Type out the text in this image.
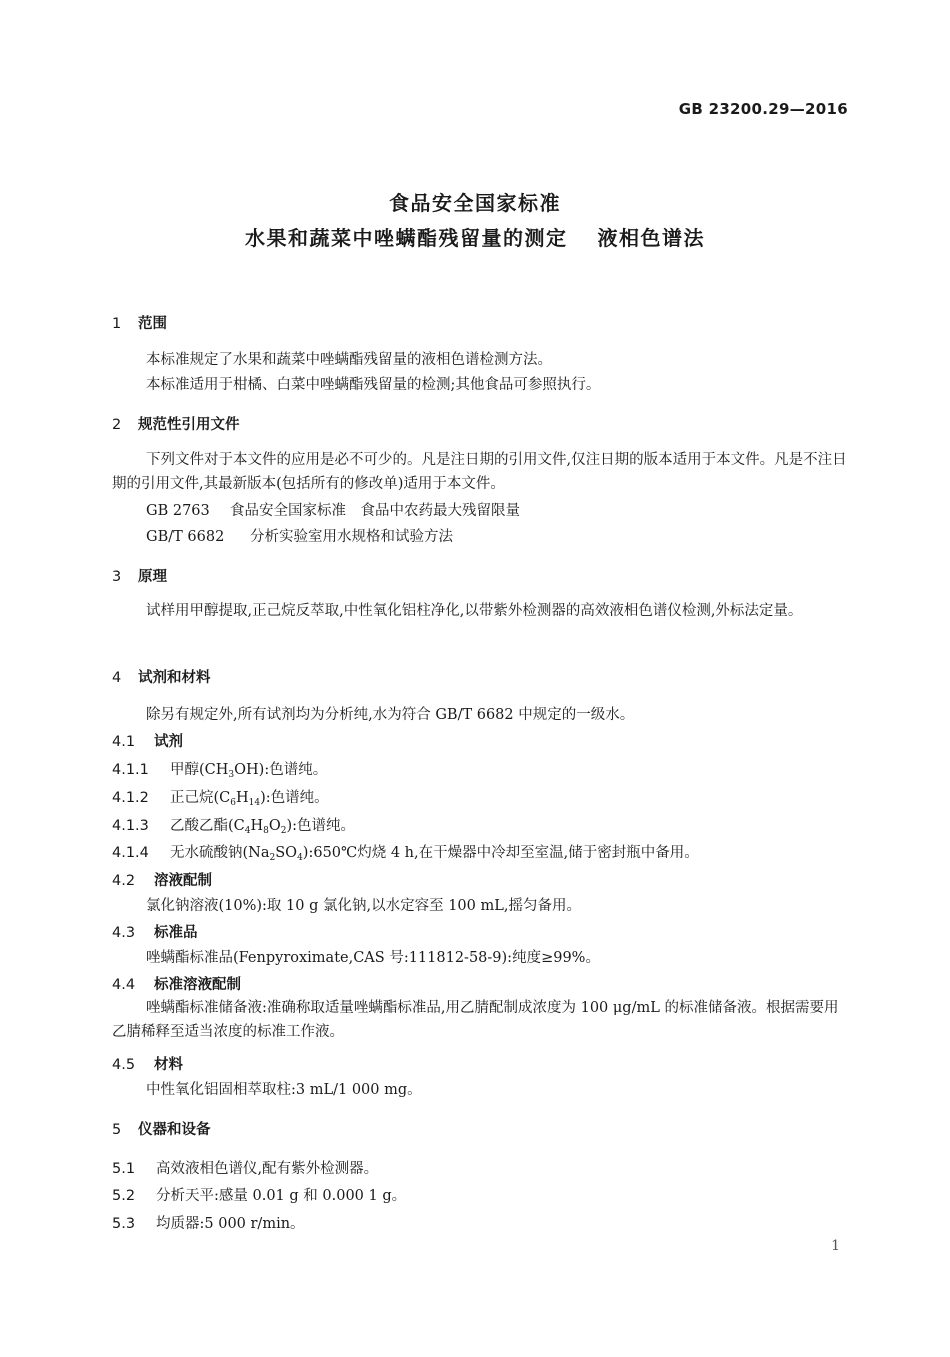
GB 23200.29—2016
食品安全国家标准
水果和蔬菜中唑螨酯残留量的测定 液相色谱法
1 范围
本标准规定了水果和蔬菜中唑螨酯残留量的液相色谱检测方法。
本标准适用于柑橘、白菜中唑螨酯残留量的检测;其他食品可参照执行。
2 规范性引用文件
下列文件对于本文件的应用是必不可少的。凡是注日期的引用文件,仅注日期的版本适用于本文件。凡是不注日期的引用文件,其最新版本(包括所有的修改单)适用于本文件。
GB 2763 食品安全国家标准　食品中农药最大残留限量
GB/T 6682 分析实验室用水规格和试验方法
3 原理
试样用甲醇提取,正己烷反萃取,中性氧化铝柱净化,以带紫外检测器的高效液相色谱仪检测,外标法定量。
4 试剂和材料
除另有规定外,所有试剂均为分析纯,水为符合 GB/T 6682 中规定的一级水。
4.1 试剂
4.1.1 甲醇$(CH_3OH)$:色谱纯。
4.1.2 正己烷$(C_6H_{14})$:色谱纯。
4.1.3 乙酸乙酯$(C_4H_8O_2)$:色谱纯。
4.1.4 无水硫酸钠$(Na_2SO_4):650℃$灼烧 4 h,在干燥器中冷却至室温,储于密封瓶中备用。
4.2 溶液配制
氯化钠溶液(10%):取 10 g 氯化钠,以水定容至 100 mL,摇匀备用。
4.3 标准品
唑螨酯标准品(Fenpyroximate,CAS 号:111812-58-9):纯度≥99%。
4.4 标准溶液配制
唑螨酯标准储备液:准确称取适量唑螨酯标准品,用乙腈配制成浓度为 100 μg/mL 的标准储备液。根据需要用乙腈稀释至适当浓度的标准工作液。
4.5 材料
中性氧化铝固相萃取柱:3 mL/1 000 mg。
5 仪器和设备
5.1 高效液相色谱仪,配有紫外检测器。
5.2 分析天平:感量 0.01 g 和 0.000 1 g。
5.3 均质器:5 000 r/min。
1
